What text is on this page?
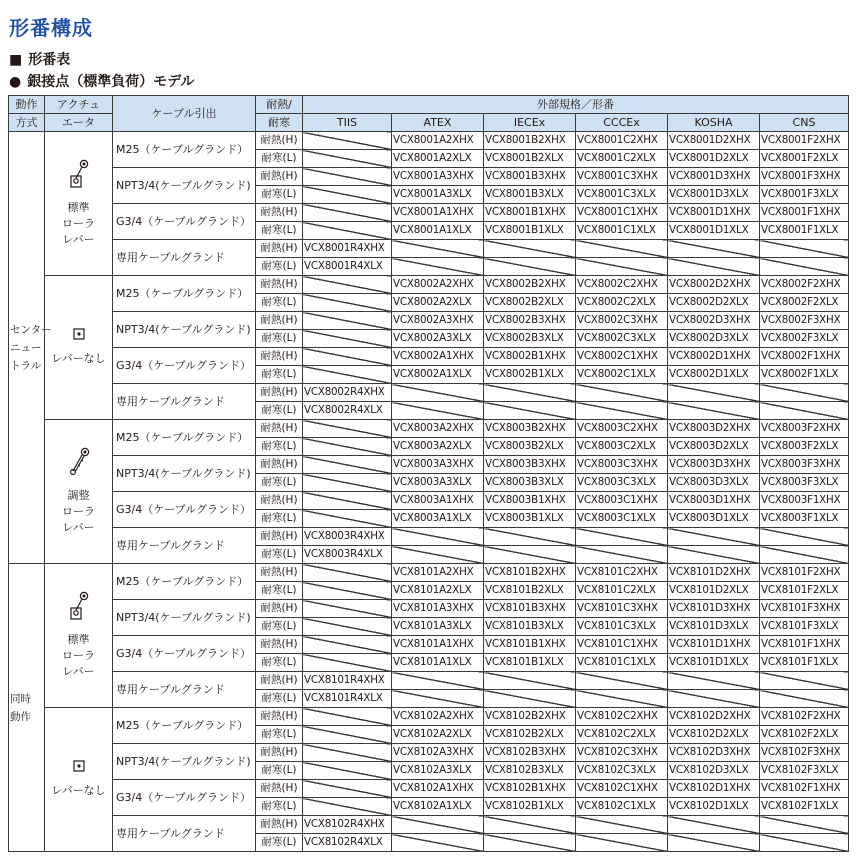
形番構成
■ 形番表
● 銀接点（標準負荷）モデル
動作	アクチュ	ケーブル引出	耐熱/	外部規格／形番					
方式	エータ		耐寒	TIIS	ATEX	IECEx	CCCEx	KOSHA	CNS

センター
ニュー
トラル	標準
ローラ
レバー	M25（ケーブルグランド）	耐熱(H)		VCX8001A2XHX	VCX8001B2XHX	VCX8001C2XHX	VCX8001D2XHX	VCX8001F2XHX
			耐寒(L)		VCX8001A2XLX	VCX8001B2XLX	VCX8001C2XLX	VCX8001D2XLX	VCX8001F2XLX
		NPT3/4(ケーブルグランド)	耐熱(H)		VCX8001A3XHX	VCX8001B3XHX	VCX8001C3XHX	VCX8001D3XHX	VCX8001F3XHX
			耐寒(L)		VCX8001A3XLX	VCX8001B3XLX	VCX8001C3XLX	VCX8001D3XLX	VCX8001F3XLX
		G3/4（ケーブルグランド）	耐熱(H)		VCX8001A1XHX	VCX8001B1XHX	VCX8001C1XHX	VCX8001D1XHX	VCX8001F1XHX
			耐寒(L)		VCX8001A1XLX	VCX8001B1XLX	VCX8001C1XLX	VCX8001D1XLX	VCX8001F1XLX
		専用ケーブルグランド	耐熱(H)	VCX8001R4XHX					
			耐寒(L)	VCX8001R4XLX					

	レバーなし	M25（ケーブルグランド）	耐熱(H)		VCX8002A2XHX	VCX8002B2XHX	VCX8002C2XHX	VCX8002D2XHX	VCX8002F2XHX
			耐寒(L)		VCX8002A2XLX	VCX8002B2XLX	VCX8002C2XLX	VCX8002D2XLX	VCX8002F2XLX
		NPT3/4(ケーブルグランド)	耐熱(H)		VCX8002A3XHX	VCX8002B3XHX	VCX8002C3XHX	VCX8002D3XHX	VCX8002F3XHX
			耐寒(L)		VCX8002A3XLX	VCX8002B3XLX	VCX8002C3XLX	VCX8002D3XLX	VCX8002F3XLX
		G3/4（ケーブルグランド）	耐熱(H)		VCX8002A1XHX	VCX8002B1XHX	VCX8002C1XHX	VCX8002D1XHX	VCX8002F1XHX
			耐寒(L)		VCX8002A1XLX	VCX8002B1XLX	VCX8002C1XLX	VCX8002D1XLX	VCX8002F1XLX
		専用ケーブルグランド	耐熱(H)	VCX8002R4XHX					
			耐寒(L)	VCX8002R4XLX					

	調整
ローラ
レバー	M25（ケーブルグランド）	耐熱(H)		VCX8003A2XHX	VCX8003B2XHX	VCX8003C2XHX	VCX8003D2XHX	VCX8003F2XHX
			耐寒(L)		VCX8003A2XLX	VCX8003B2XLX	VCX8003C2XLX	VCX8003D2XLX	VCX8003F2XLX
		NPT3/4(ケーブルグランド)	耐熱(H)		VCX8003A3XHX	VCX8003B3XHX	VCX8003C3XHX	VCX8003D3XHX	VCX8003F3XHX
			耐寒(L)		VCX8003A3XLX	VCX8003B3XLX	VCX8003C3XLX	VCX8003D3XLX	VCX8003F3XLX
		G3/4（ケーブルグランド）	耐熱(H)		VCX8003A1XHX	VCX8003B1XHX	VCX8003C1XHX	VCX8003D1XHX	VCX8003F1XHX
			耐寒(L)		VCX8003A1XLX	VCX8003B1XLX	VCX8003C1XLX	VCX8003D1XLX	VCX8003F1XLX
		専用ケーブルグランド	耐熱(H)	VCX8003R4XHX					
			耐寒(L)	VCX8003R4XLX					

同時
動作	標準
ローラ
レバー	M25（ケーブルグランド）	耐熱(H)		VCX8101A2XHX	VCX8101B2XHX	VCX8101C2XHX	VCX8101D2XHX	VCX8101F2XHX
			耐寒(L)		VCX8101A2XLX	VCX8101B2XLX	VCX8101C2XLX	VCX8101D2XLX	VCX8101F2XLX
		NPT3/4(ケーブルグランド)	耐熱(H)		VCX8101A3XHX	VCX8101B3XHX	VCX8101C3XHX	VCX8101D3XHX	VCX8101F3XHX
			耐寒(L)		VCX8101A3XLX	VCX8101B3XLX	VCX8101C3XLX	VCX8101D3XLX	VCX8101F3XLX
		G3/4（ケーブルグランド）	耐熱(H)		VCX8101A1XHX	VCX8101B1XHX	VCX8101C1XHX	VCX8101D1XHX	VCX8101F1XHX
			耐寒(L)		VCX8101A1XLX	VCX8101B1XLX	VCX8101C1XLX	VCX8101D1XLX	VCX8101F1XLX
		専用ケーブルグランド	耐熱(H)	VCX8101R4XHX					
			耐寒(L)	VCX8101R4XLX					

	レバーなし	M25（ケーブルグランド）	耐熱(H)		VCX8102A2XHX	VCX8102B2XHX	VCX8102C2XHX	VCX8102D2XHX	VCX8102F2XHX
			耐寒(L)		VCX8102A2XLX	VCX8102B2XLX	VCX8102C2XLX	VCX8102D2XLX	VCX8102F2XLX
		NPT3/4(ケーブルグランド)	耐熱(H)		VCX8102A3XHX	VCX8102B3XHX	VCX8102C3XHX	VCX8102D3XHX	VCX8102F3XHX
			耐寒(L)		VCX8102A3XLX	VCX8102B3XLX	VCX8102C3XLX	VCX8102D3XLX	VCX8102F3XLX
		G3/4（ケーブルグランド）	耐熱(H)		VCX8102A1XHX	VCX8102B1XHX	VCX8102C1XHX	VCX8102D1XHX	VCX8102F1XHX
			耐寒(L)		VCX8102A1XLX	VCX8102B1XLX	VCX8102C1XLX	VCX8102D1XLX	VCX8102F1XLX
		専用ケーブルグランド	耐熱(H)	VCX8102R4XHX					
			耐寒(L)	VCX8102R4XLX					
